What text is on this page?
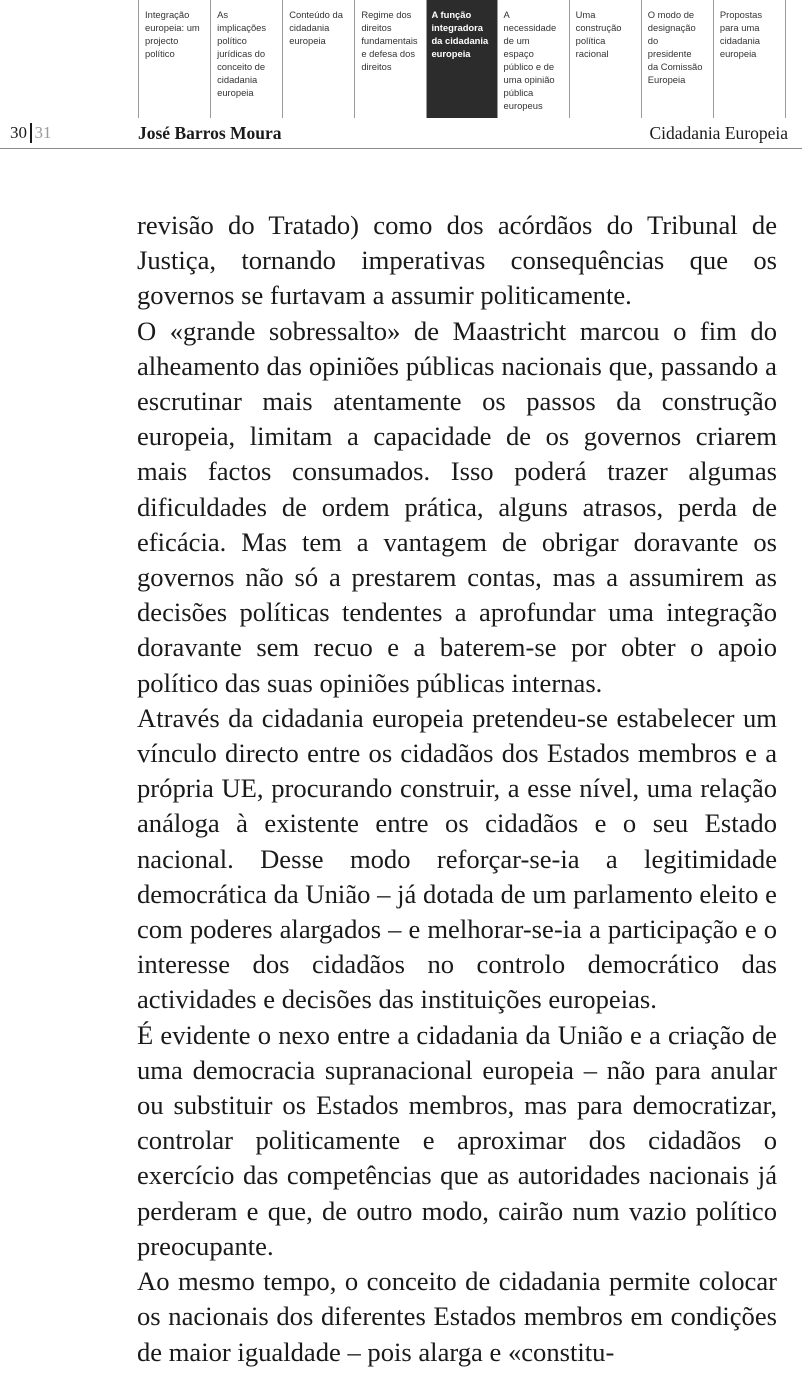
Integração
europeia: um
projecto
político
As
implicações
político
jurídicas do
conceito de
cidadania
europeia
Conteúdo da
cidadania
europeia
Regime dos
direitos
fundamentais
e defesa dos
direitos
A função
integradora
da cidadania
europeia
A
necessidade
de um
espaço
público e de
uma opinião
pública
europeus
Uma
construção
política
racional
O modo de
designação
do
presidente
da Comissão
Europeia
Propostas
para uma
cidadania
europeia
30 31	José Barros Moura	Cidadania Europeia

revisão do Tratado) como dos acórdãos do Tribunal de Justiça, tornando imperativas consequências que os governos se furtavam a assumir politicamente.

O «grande sobressalto» de Maastricht marcou o fim do alheamento das opiniões públicas nacionais que, passando a escrutinar mais atentamente os passos da construção europeia, limitam a capacidade de os governos criarem mais factos consumados. Isso poderá trazer algumas dificuldades de ordem prática, alguns atrasos, perda de eficácia. Mas tem a vantagem de obrigar doravante os governos não só a prestarem contas, mas a assumirem as decisões políticas tendentes a aprofundar uma integração doravante sem recuo e a baterem-se por obter o apoio político das suas opiniões públicas internas.

Através da cidadania europeia pretendeu-se estabelecer um vínculo directo entre os cidadãos dos Estados membros e a própria UE, procurando construir, a esse nível, uma relação análoga à existente entre os cidadãos e o seu Estado nacional. Desse modo reforçar-se-ia a legitimidade democrática da União – já dotada de um parlamento eleito e com poderes alargados – e melhorar-se-ia a participação e o interesse dos cidadãos no controlo democrático das actividades e decisões das instituições europeias.

É evidente o nexo entre a cidadania da União e a criação de uma democracia supranacional europeia – não para anular ou substituir os Estados membros, mas para democratizar, controlar politicamente e aproximar dos cidadãos o exercício das competências que as autoridades nacionais já perderam e que, de outro modo, cairão num vazio político preocupante.

Ao mesmo tempo, o conceito de cidadania permite colocar os nacionais dos diferentes Estados membros em condições de maior igualdade – pois alarga e «constitu-
